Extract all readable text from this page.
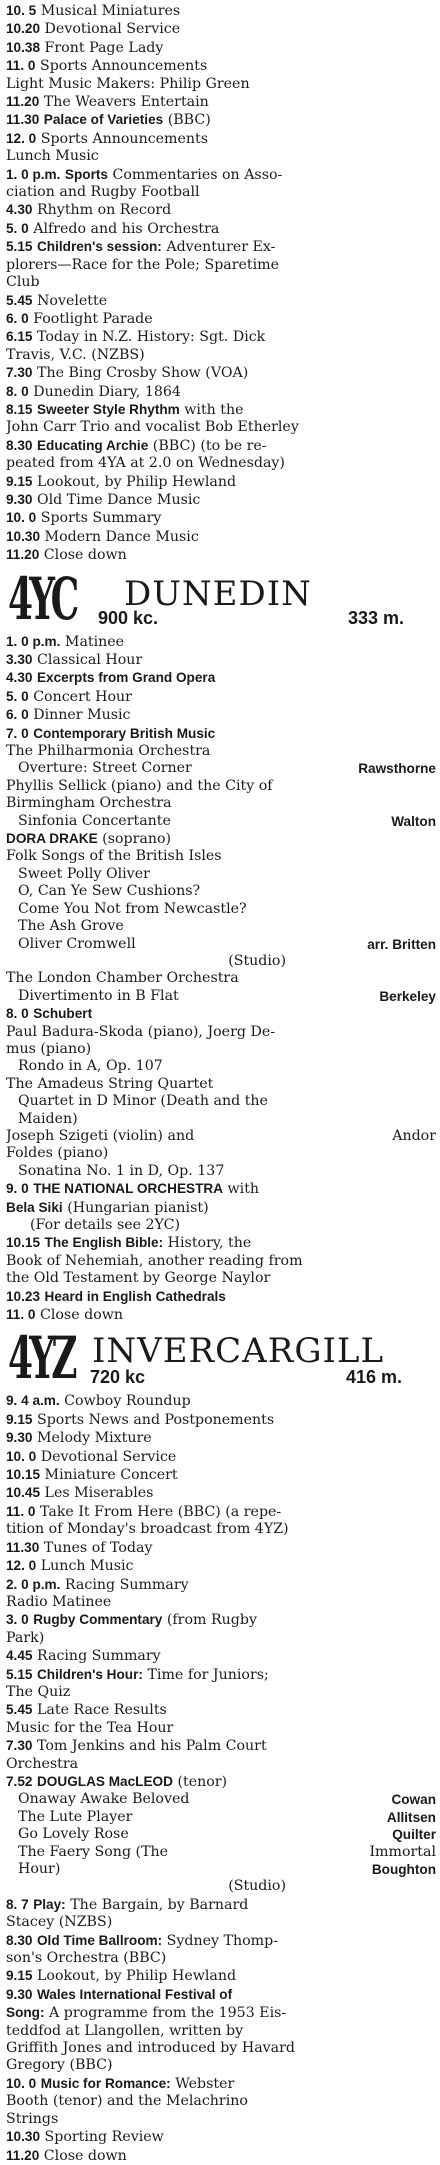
10. 5 Musical Miniatures
10.20 Devotional Service
10.38 Front Page Lady
11. 0 Sports Announcements
Light Music Makers: Philip Green
11.20 The Weavers Entertain
11.30 Palace of Varieties (BBC)
12. 0 Sports Announcements
Lunch Music
1. 0 p.m. Sports Commentaries on Asso-
ciation and Rugby Football
4.30 Rhythm on Record
5. 0 Alfredo and his Orchestra
5.15 Children's session: Adventurer Ex-
plorers—Race for the Pole; Sparetime
Club
5.45 Novelette
6. 0 Footlight Parade
6.15 Today in N.Z. History: Sgt. Dick
Travis, V.C. (NZBS)
7.30 The Bing Crosby Show (VOA)
8. 0 Dunedin Diary, 1864
8.15 Sweeter Style Rhythm with the
John Carr Trio and vocalist Bob Etherley
8.30 Educating Archie (BBC) (to be re-
peated from 4YA at 2.0 on Wednesday)
9.15 Lookout, by Philip Hewland
9.30 Old Time Dance Music
10. 0 Sports Summary
10.30 Modern Dance Music
11.20 Close down
4YC DUNEDIN
900 kc.	333 m.
1. 0 p.m. Matinee
3.30 Classical Hour
4.30 Excerpts from Grand Opera
5. 0 Concert Hour
6. 0 Dinner Music
7. 0 Contemporary British Music
The Philharmonia Orchestra
Overture: Street Corner	Rawsthorne
Phyllis Sellick (piano) and the City of
Birmingham Orchestra
Sinfonia Concertante	Walton
DORA DRAKE (soprano)
Folk Songs of the British Isles
Sweet Polly Oliver
O, Can Ye Sew Cushions?
Come You Not from Newcastle?
The Ash Grove
Oliver Cromwell	arr. Britten
(Studio)
The London Chamber Orchestra
Divertimento in B Flat	Berkeley
8. 0 Schubert
Paul Badura-Skoda (piano), Joerg De-
mus (piano)
Rondo in A, Op. 107
The Amadeus String Quartet
Quartet in D Minor (Death and the
Maiden)
Joseph Szigeti (violin) and	Andor
Foldes (piano)
Sonatina No. 1 in D, Op. 137
9. 0 THE NATIONAL ORCHESTRA with
Bela Siki (Hungarian pianist)
(For details see 2YC)
10.15 The English Bible: History, the
Book of Nehemiah, another reading from
the Old Testament by George Naylor
10.23 Heard in English Cathedrals
11. 0 Close down
4YZ INVERCARGILL
720 kc	416 m.
9. 4 a.m. Cowboy Roundup
9.15 Sports News and Postponements
9.30 Melody Mixture
10. 0 Devotional Service
10.15 Miniature Concert
10.45 Les Miserables
11. 0 Take It From Here (BBC) (a repe-
tition of Monday's broadcast from 4YZ)
11.30 Tunes of Today
12. 0 Lunch Music
2. 0 p.m. Racing Summary
Radio Matinee
3. 0 Rugby Commentary (from Rugby
Park)
4.45 Racing Summary
5.15 Children's Hour: Time for Juniors;
The Quiz
5.45 Late Race Results
Music for the Tea Hour
7.30 Tom Jenkins and his Palm Court
Orchestra
7.52 DOUGLAS MacLEOD (tenor)
Onaway Awake Beloved	Cowan
The Lute Player	Allitsen
Go Lovely Rose	Quilter
The Faery Song (The	Immortal
Hour)	Boughton
(Studio)
8. 7 Play: The Bargain, by Barnard
Stacey (NZBS)
8.30 Old Time Ballroom: Sydney Thomp-
son's Orchestra (BBC)
9.15 Lookout, by Philip Hewland
9.30 Wales International Festival of
Song: A programme from the 1953 Eis-
teddfod at Llangollen, written by
Griffith Jones and introduced by Havard
Gregory (BBC)
10. 0 Music for Romance: Webster
Booth (tenor) and the Melachrino
Strings
10.30 Sporting Review
11.20 Close down
